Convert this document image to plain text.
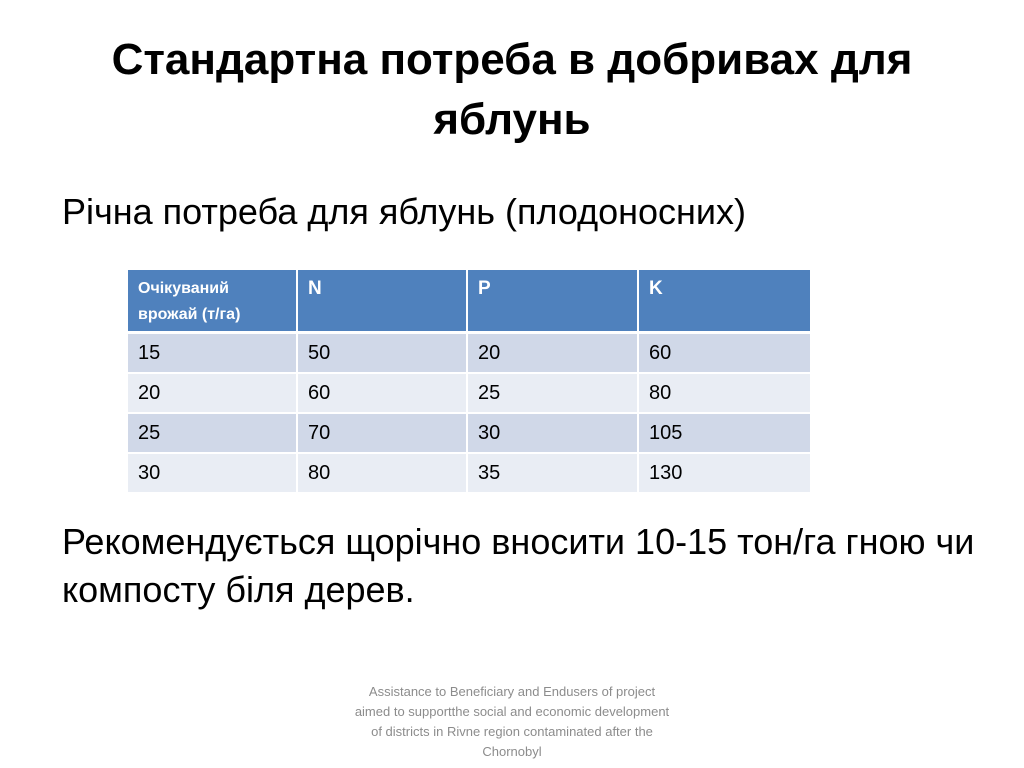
Стандартна потреба в добривах для яблунь
Річна потреба для яблунь (плодоносних)
Очікуваний врожай (т/га)	N	P	K
15	50	20	60
20	60	25	80
25	70	30	105
30	80	35	130
Рекомендується щорічно вносити 10-15 тон/га гною чи компосту біля дерев.
Assistance to Beneficiary and Endusers of project aimed to supportthe social and economic development of districts in Rivne region contaminated after the Chornobyl
